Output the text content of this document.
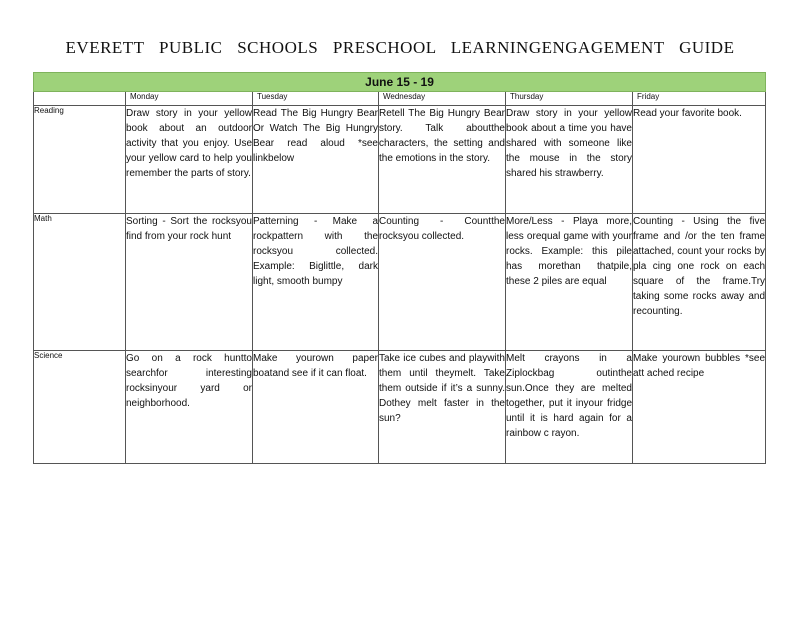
EVERETT PUBLIC SCHOOLS PRESCHOOL LEARNINGENGAGEMENT GUIDE
June 15 - 19					
	Monday	Tuesday	Wednesday	Thursday	Friday
Reading	Draw story in your yellow book about an outdoor activity that you enjoy. Use your yellow card to help you remember the parts of story.	Read The Big Hungry Bear Or Watch The Big Hungry Bear read aloud *see linkbelow	Retell The Big Hungry Bear story. Talk aboutthe characters, the setting and the emotions in the story.	Draw story in your yellow book about a time you have shared with someone like the mouse in the story shared his strawberry.	Read your favorite book.
Math	Sorting - Sort the rocksyou find from your rock hunt	Patterning - Make a rockpattern with the rocksyou collected. Example: Biglittle, dark light, smooth bumpy	Counting - Countthe rocksyou collected.	More/Less - Playa more, less orequal game with your rocks. Example: this pile has morethan thatpile, these 2 piles are equal	Counting - Using the five frame and /or the ten frame attached, count your rocks by pla cing one rock on each square of the frame.Try taking some rocks away and recounting.
Science	Go on a rock huntto searchfor interesting rocksinyour yard or neighborhood.	Make yourown paper boatand see if it can float.	Take ice cubes and playwith them until theymelt. Take them outside if it’s a sunny. Dothey melt faster in the sun?	Melt crayons in a Ziplockbag outinthe sun.Once they are melted together, put it inyour fridge until it is hard again for a rainbow c rayon.	Make yourown bubbles *see att ached recipe
